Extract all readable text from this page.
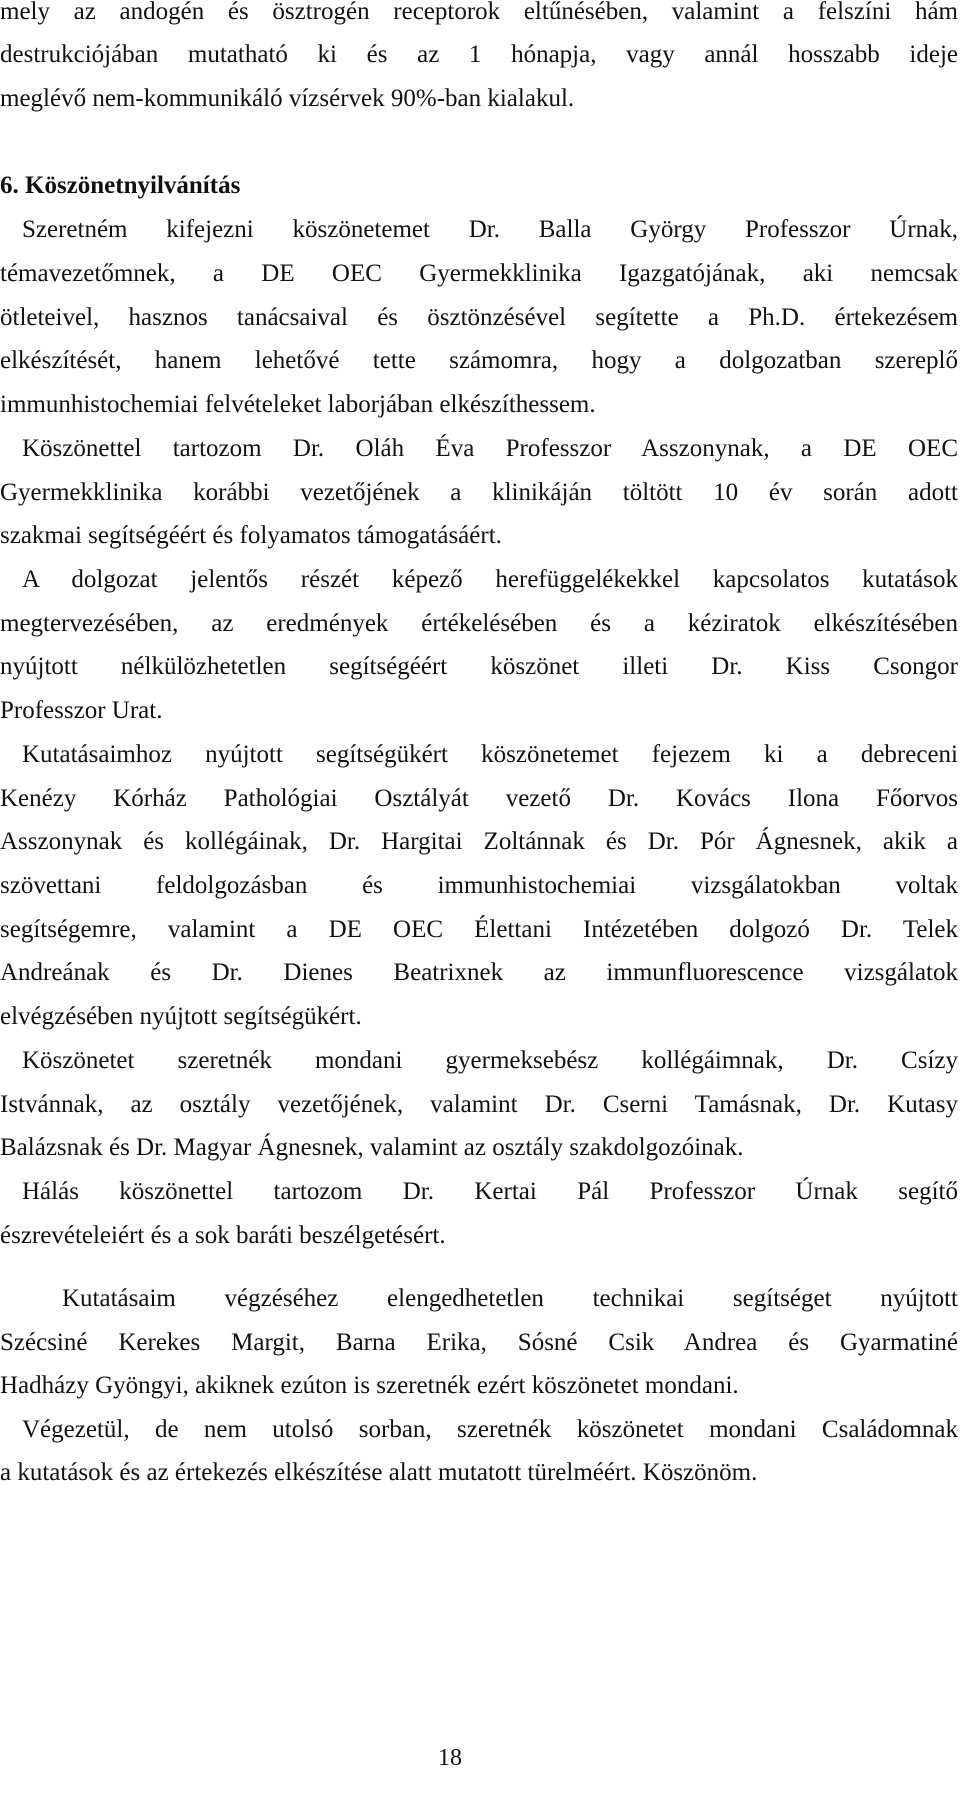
mely az andogén és ösztrogén receptorok eltűnésében, valamint a felszíni hám
destrukciójában mutatható ki és az 1 hónapja, vagy annál hosszabb ideje
meglévő nem-kommunikáló vízsérvek 90%-ban kialakul.
6. Köszönetnyilvánítás
Szeretném kifejezni köszönetemet Dr. Balla György Professzor Úrnak,
témavezetőmnek, a DE OEC Gyermekklinika Igazgatójának, aki nemcsak
ötleteivel, hasznos tanácsaival és ösztönzésével segítette a Ph.D. értekezésem
elkészítését, hanem lehetővé tette számomra, hogy a dolgozatban szereplő
immunhistochemiai felvételeket laborjában elkészíthessem.
Köszönettel tartozom Dr. Oláh Éva Professzor Asszonynak, a DE OEC
Gyermekklinika korábbi vezetőjének a klinikáján töltött 10 év során adott
szakmai segítségéért és folyamatos támogatásáért.
A dolgozat jelentős részét képező herefüggelékekkel kapcsolatos kutatások
megtervezésében, az eredmények értékelésében és a kéziratok elkészítésében
nyújtott nélkülözhetetlen segítségéért köszönet illeti Dr. Kiss Csongor
Professzor Urat.
Kutatásaimhoz nyújtott segítségükért köszönetemet fejezem ki a debreceni
Kenézy Kórház Pathológiai Osztályát vezető Dr. Kovács Ilona Főorvos
Asszonynak és kollégáinak, Dr. Hargitai Zoltánnak és Dr. Pór Ágnesnek, akik a
szövettani feldolgozásban és immunhistochemiai vizsgálatokban voltak
segítségemre, valamint a DE OEC Élettani Intézetében dolgozó Dr. Telek
Andreának és Dr. Dienes Beatrixnek az immunfluorescence vizsgálatok
elvégzésében nyújtott segítségükért.
Köszönetet szeretnék mondani gyermeksebész kollégáimnak, Dr. Csízy
Istvánnak, az osztály vezetőjének, valamint Dr. Cserni Tamásnak, Dr. Kutasy
Balázsnak és Dr. Magyar Ágnesnek, valamint az osztály szakdolgozóinak.
Hálás köszönettel tartozom Dr. Kertai Pál Professzor Úrnak segítő
észrevételeiért és a sok baráti beszélgetésért.
Kutatásaim végzéséhez elengedhetetlen technikai segítséget nyújtott
Szécsiné Kerekes Margit, Barna Erika, Sósné Csik Andrea és Gyarmatiné
Hadházy Gyöngyi, akiknek ezúton is szeretnék ezért köszönetet mondani.
Végezetül, de nem utolsó sorban, szeretnék köszönetet mondani Családomnak
a kutatások és az értekezés elkészítése alatt mutatott türelméért. Köszönöm.
18
